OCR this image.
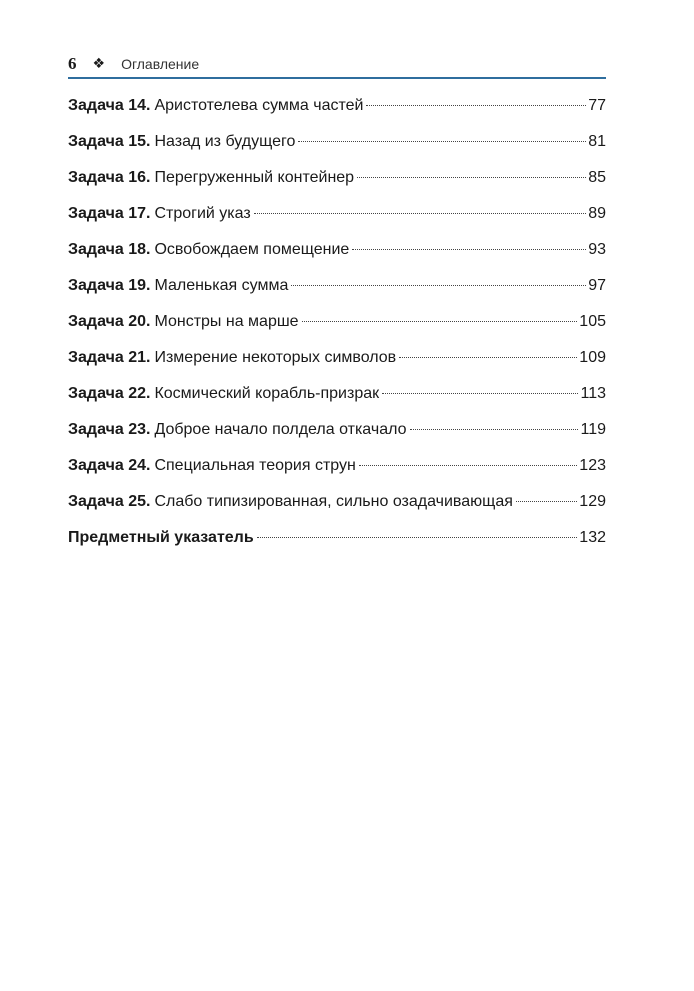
6 ❖ Оглавление
Задача 14. Аристотелева сумма частей	77
Задача 15. Назад из будущего	81
Задача 16. Перегруженный контейнер	85
Задача 17. Строгий указ	89
Задача 18. Освобождаем помещение	93
Задача 19. Маленькая сумма	97
Задача 20. Монстры на марше	105
Задача 21. Измерение некоторых символов	109
Задача 22. Космический корабль-призрак	113
Задача 23. Доброе начало полдела откачало	119
Задача 24. Специальная теория струн	123
Задача 25. Слабо типизированная, сильно озадачивающая	129
Предметный указатель	132
